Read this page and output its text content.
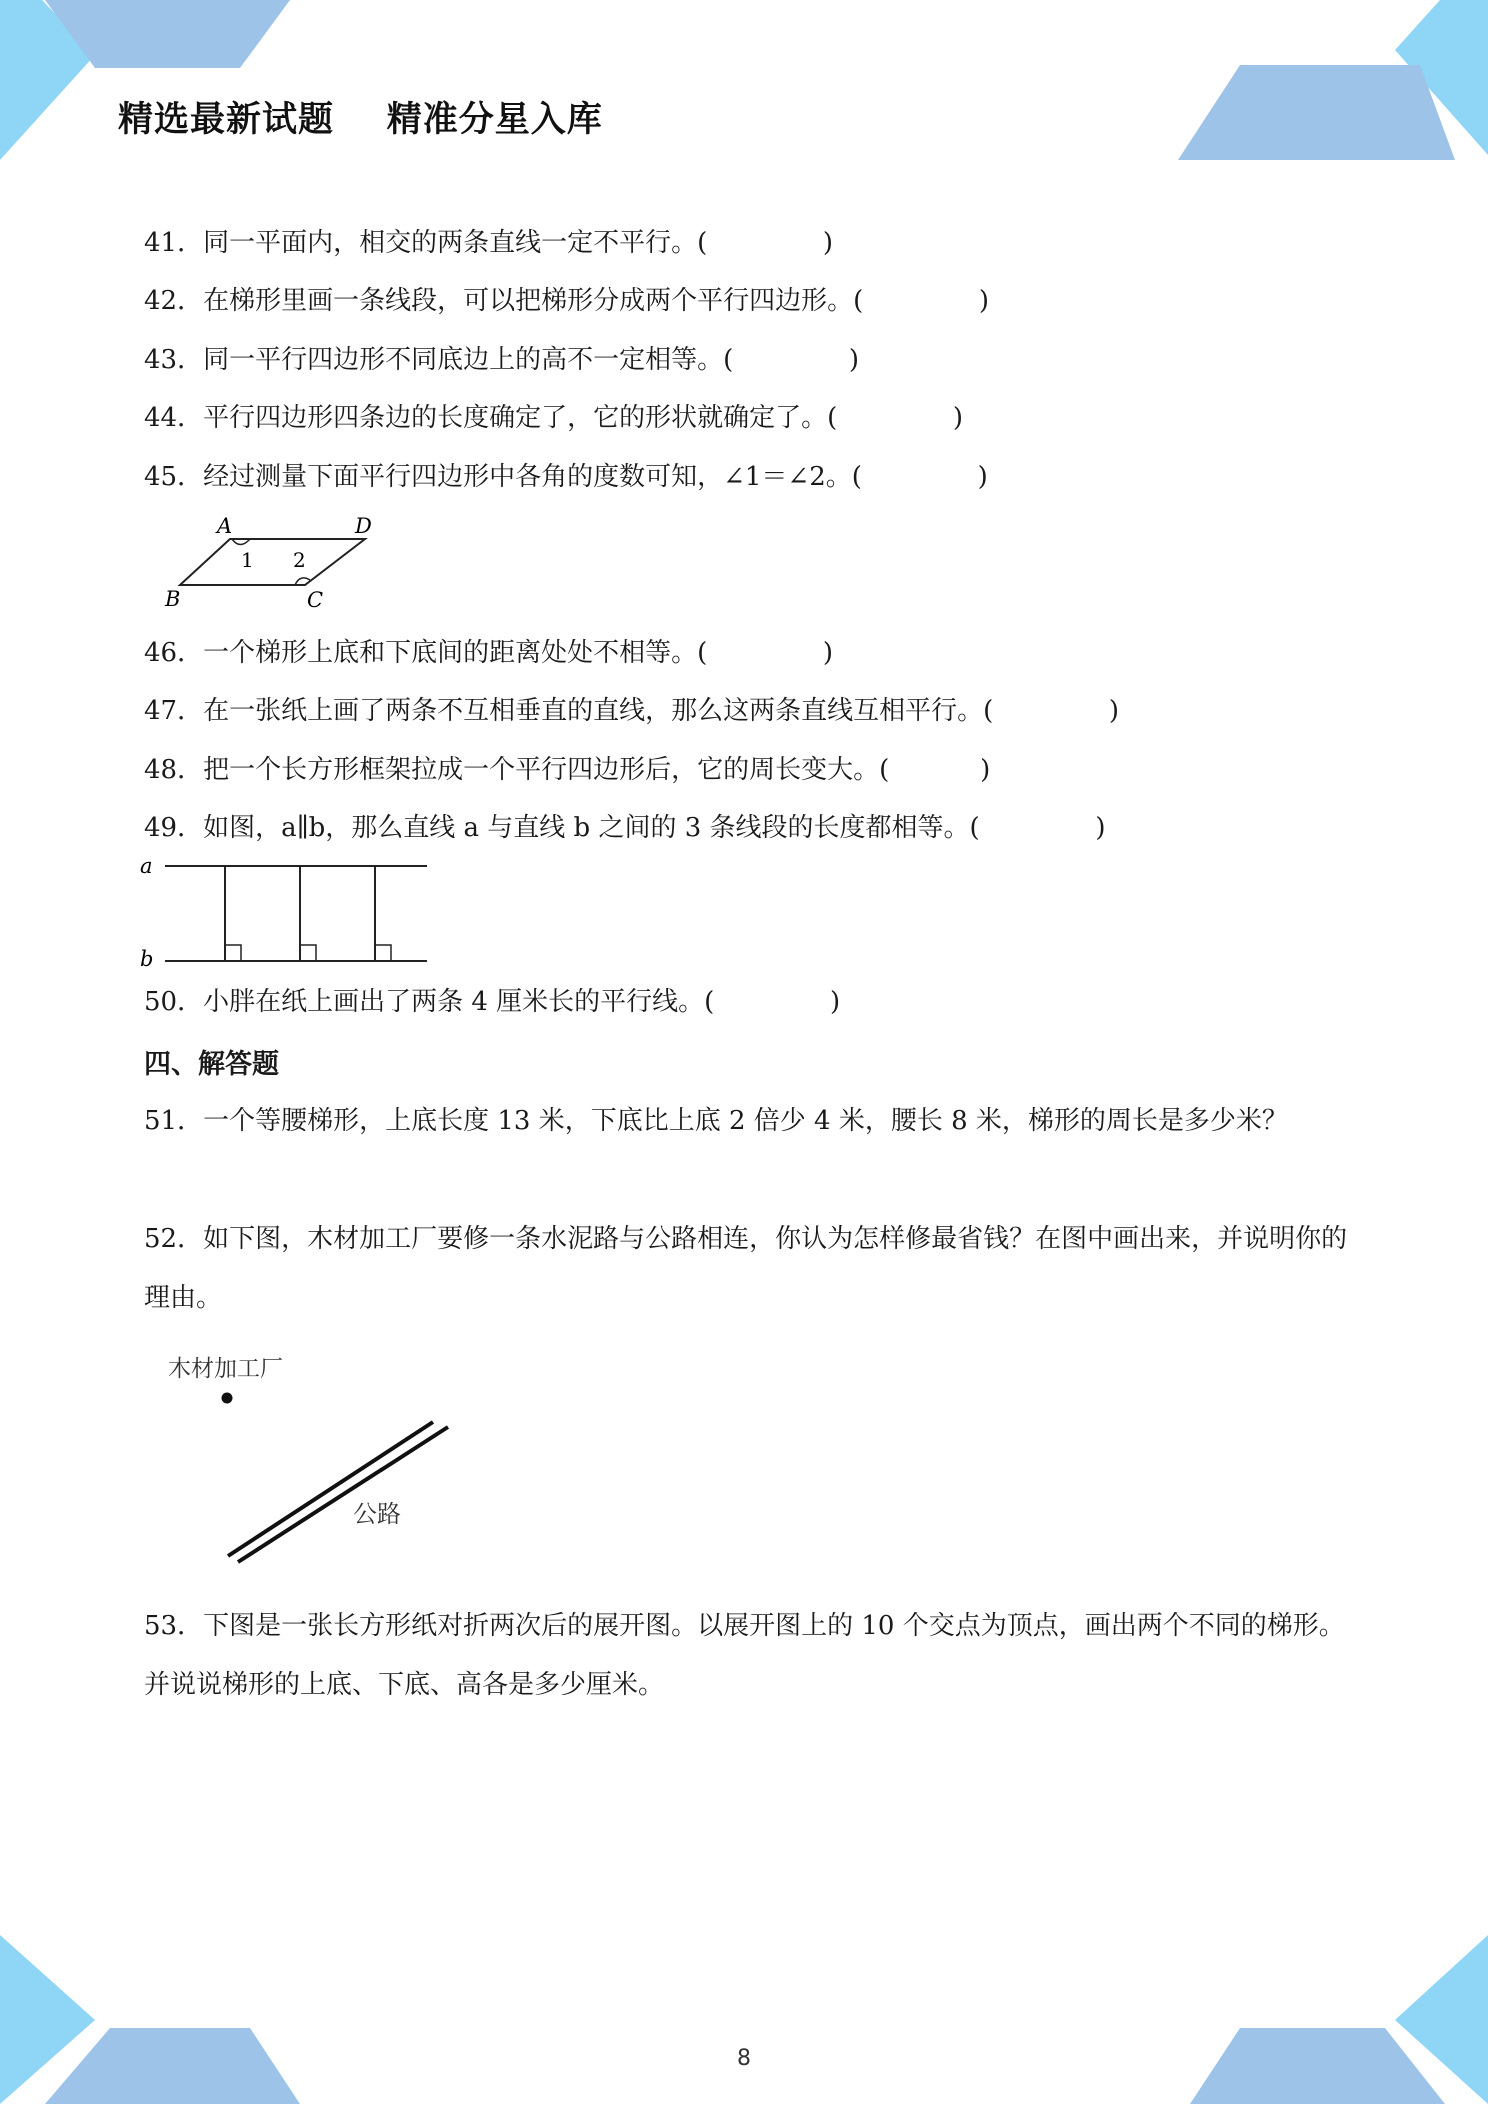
精选最新试题    精准分星入库
41．同一平面内，相交的两条直线一定不平行。(              )
42．在梯形里画一条线段，可以把梯形分成两个平行四边形。(              )
43．同一平行四边形不同底边上的高不一定相等。(              )
44．平行四边形四条边的长度确定了，它的形状就确定了。(              )
45．经过测量下面平行四边形中各角的度数可知，∠1＝∠2。(              )
A	D
B	C
1 2
46．一个梯形上底和下底间的距离处处不相等。(              )
47．在一张纸上画了两条不互相垂直的直线，那么这两条直线互相平行。(              )
48．把一个长方形框架拉成一个平行四边形后，它的周长变大。(           )
49．如图，a∥b，那么直线 a 与直线 b 之间的 3 条线段的长度都相等。(              )
a
b
50．小胖在纸上画出了两条 4 厘米长的平行线。(              )
四、解答题
51．一个等腰梯形，上底长度 13 米，下底比上底 2 倍少 4 米，腰长 8 米，梯形的周长是多少米？
52．如下图，木材加工厂要修一条水泥路与公路相连，你认为怎样修最省钱？在图中画出来，并说明你的理由。
木材加工厂
公路
53．下图是一张长方形纸对折两次后的展开图。以展开图上的 10 个交点为顶点，画出两个不同的梯形。并说说梯形的上底、下底、高各是多少厘米。
8
